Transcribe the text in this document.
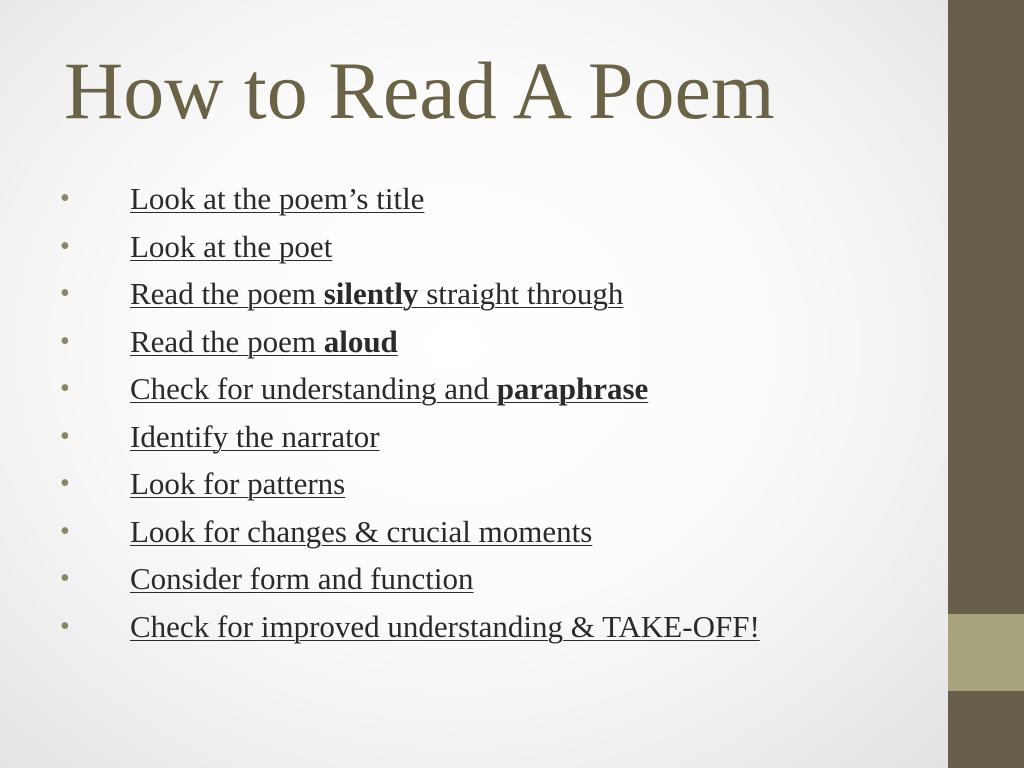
How to Read A Poem
• Look at the poem’s title
• Look at the poet
• Read the poem silently straight through
• Read the poem aloud
• Check for understanding and paraphrase
• Identify the narrator
• Look for patterns
• Look for changes & crucial moments
• Consider form and function
• Check for improved understanding & TAKE-OFF!
